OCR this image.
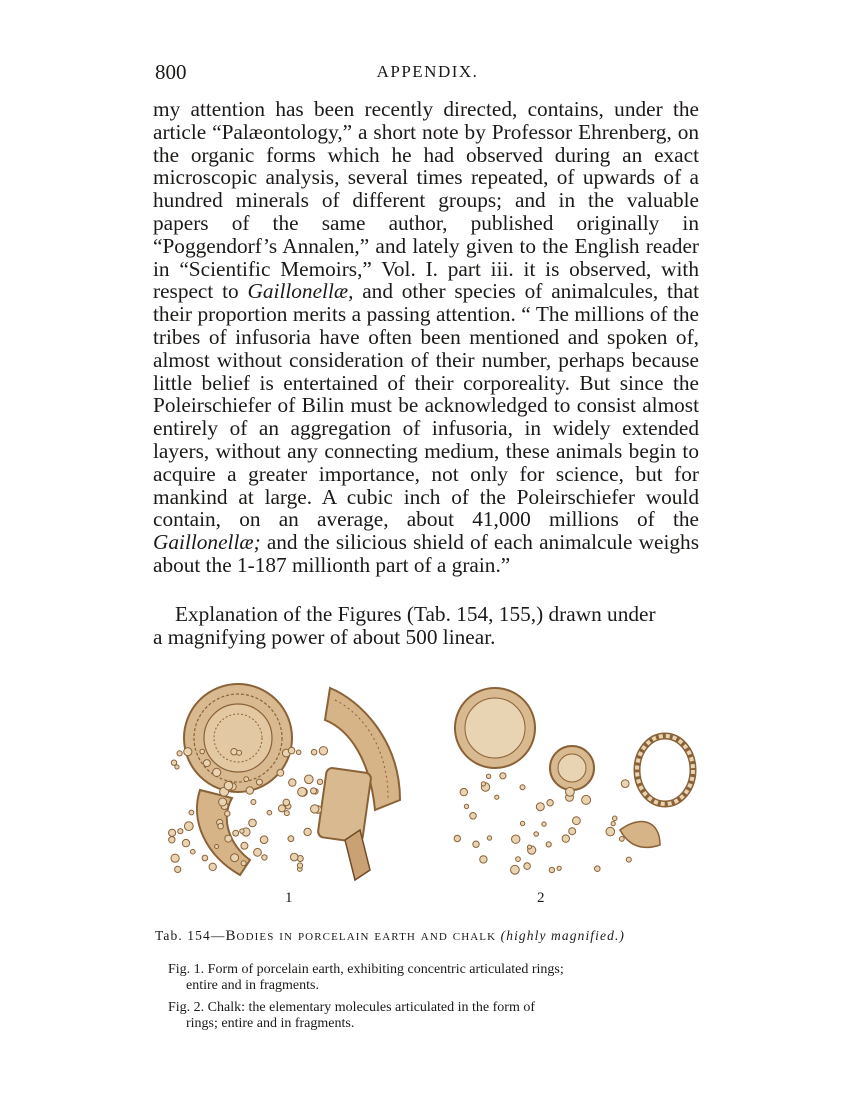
800	APPENDIX.

my attention has been recently directed, contains, under the article “Palæontology,” a short note by Professor Ehrenberg, on the organic forms which he had observed during an exact microscopic analysis, several times repeated, of upwards of a hundred minerals of different groups; and in the valuable papers of the same author, published originally in “Poggendorf’s Annalen,” and lately given to the English reader in “Scientific Memoirs,” Vol. I. part iii. it is observed, with respect to Gaillonellæ, and other species of animalcules, that their proportion merits a passing attention. “ The millions of the tribes of infusoria have often been mentioned and spoken of, almost without consideration of their number, perhaps because little belief is entertained of their corporeality. But since the Poleirschiefer of Bilin must be acknowledged to consist almost entirely of an aggregation of infusoria, in widely extended layers, without any connecting medium, these animals begin to acquire a greater importance, not only for science, but for mankind at large. A cubic inch of the Poleirschiefer would contain, on an average, about 41,000 millions of the Gaillonellæ; and the silicious shield of each animalcule weighs about the 1-187 millionth part of a grain.”

Explanation of the Figures (Tab. 154, 155,) drawn under
a magnifying power of about 500 linear.
1	2
Tab. 154—Bodies in porcelain earth and chalk (highly magnified.)
Fig. 1. Form of porcelain earth, exhibiting concentric articulated rings;
entire and in fragments.
Fig. 2. Chalk: the elementary molecules articulated in the form of
rings; entire and in fragments.
